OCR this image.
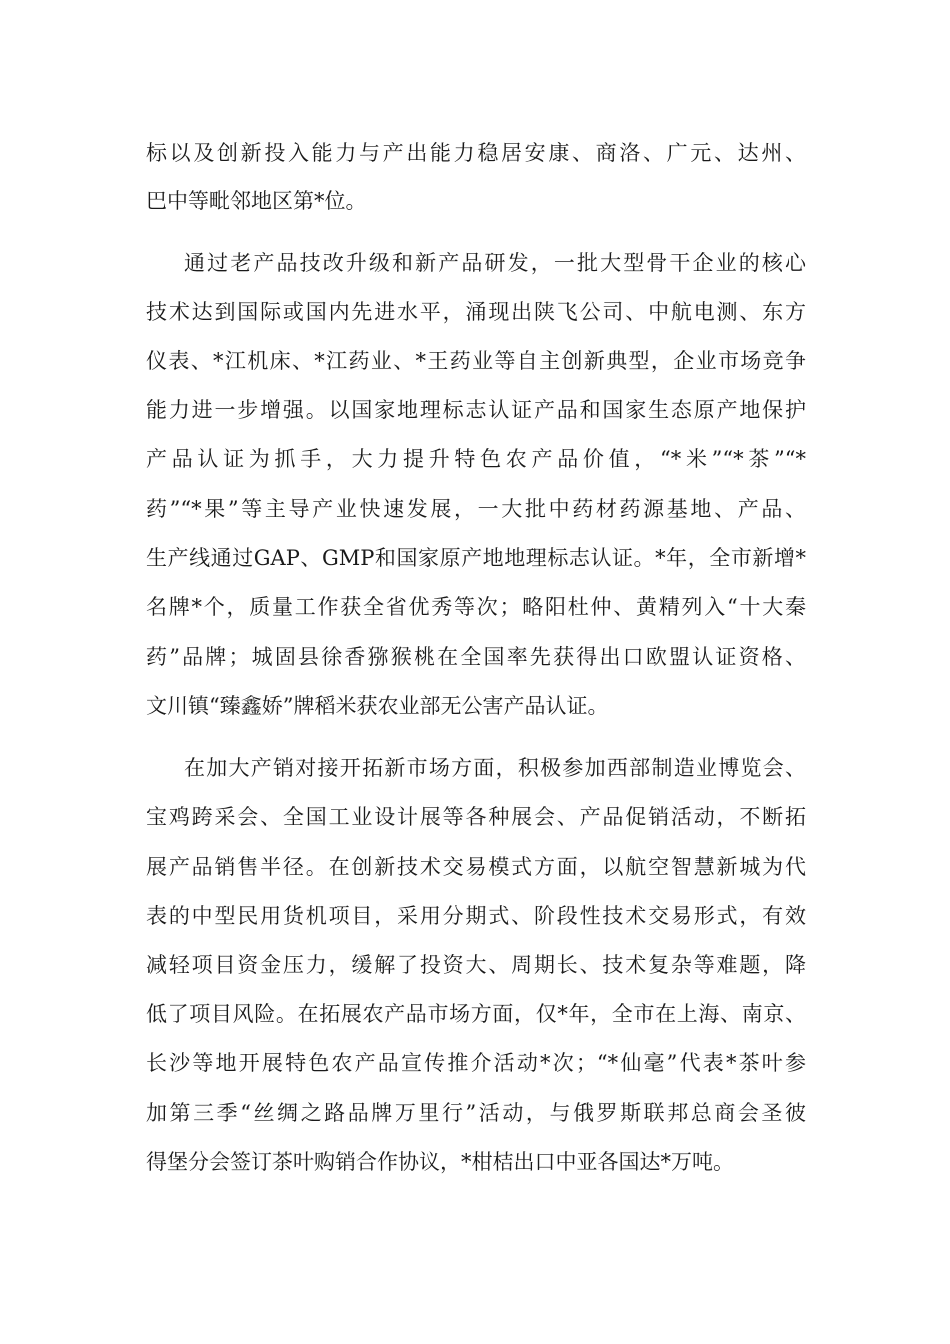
标以及创新投入能力与产出能力稳居安康、商洛、广元、达州、

巴中等毗邻地区第*位。

通过老产品技改升级和新产品研发，一批大型骨干企业的核心

技术达到国际或国内先进水平，涌现出陕飞公司、中航电测、东方

仪表、*江机床、*江药业、*王药业等自主创新典型，企业市场竞争

能力进一步增强。以国家地理标志认证产品和国家生态原产地保护

产品认证为抓手，大力提升特色农产品价值，“*米”“*茶”“*

药”“*果”等主导产业快速发展，一大批中药材药源基地、产品、

生产线通过GAP、GMP和国家原产地地理标志认证。*年，全市新增*

名牌*个，质量工作获全省优秀等次；略阳杜仲、黄精列入“十大秦

药”品牌；城固县徐香猕猴桃在全国率先获得出口欧盟认证资格、

文川镇“臻鑫娇”牌稻米获农业部无公害产品认证。

在加大产销对接开拓新市场方面，积极参加西部制造业博览会、

宝鸡跨采会、全国工业设计展等各种展会、产品促销活动，不断拓

展产品销售半径。在创新技术交易模式方面，以航空智慧新城为代

表的中型民用货机项目，采用分期式、阶段性技术交易形式，有效

减轻项目资金压力，缓解了投资大、周期长、技术复杂等难题，降

低了项目风险。在拓展农产品市场方面，仅*年，全市在上海、南京、

长沙等地开展特色农产品宣传推介活动*次；“*仙毫”代表*茶叶参

加第三季“丝绸之路品牌万里行”活动，与俄罗斯联邦总商会圣彼

得堡分会签订茶叶购销合作协议，*柑桔出口中亚各国达*万吨。
